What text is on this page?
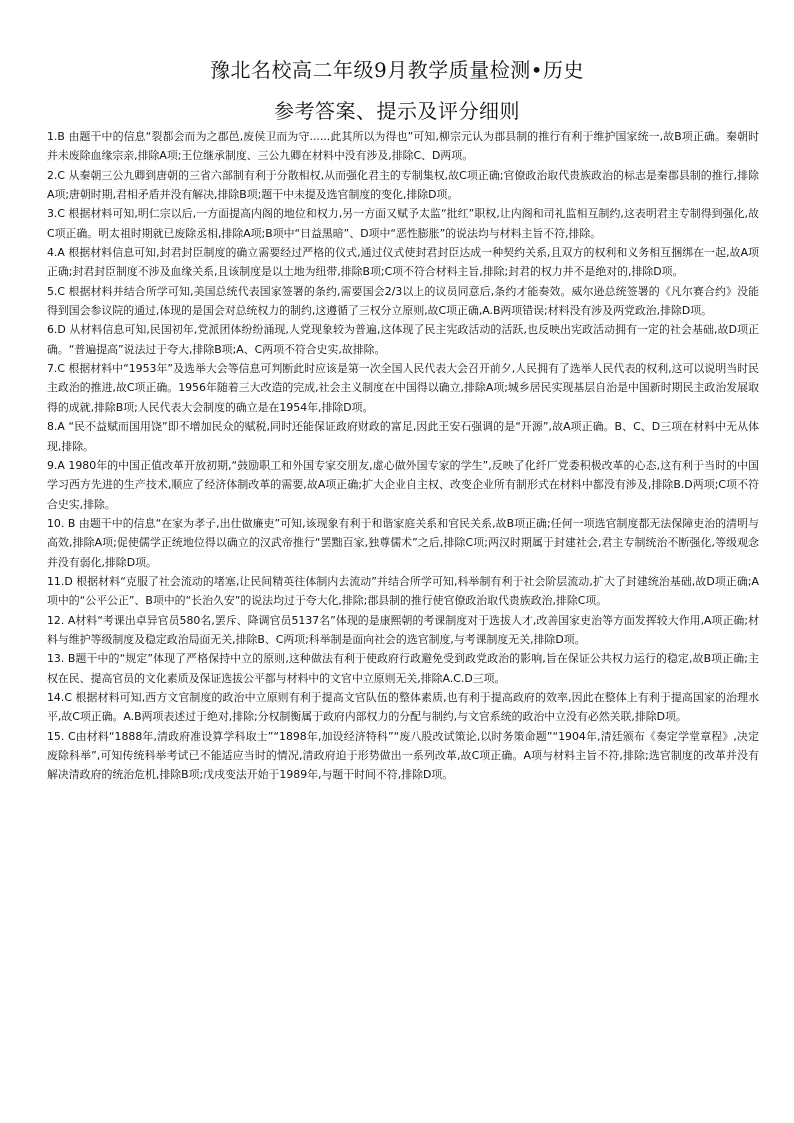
豫北名校高二年级9月教学质量检测•历史
参考答案、提示及评分细则

1.B 由题干中的信息“裂都会而为之郡邑,废侯卫而为守......此其所以为得也”可知,柳宗元认为郡县制的推行有利于维护国家统一,故B项正确。秦朝时并未废除血缘宗亲,排除A项;王位继承制度、三公九卿在材料中没有涉及,排除C、D两项。

2.C 从秦朝三公九卿到唐朝的三省六部制有利于分散相权,从而强化君主的专制集权,故C项正确;官僚政治取代贵族政治的标志是秦郡县制的推行,排除A项;唐朝时期,君相矛盾并没有解决,排除B项;题干中未提及选官制度的变化,排除D项。

3.C 根据材料可知,明仁宗以后,一方面提高内阁的地位和权力,另一方面又赋予太监“批红”职权,让内阁和司礼监相互制约,这表明君主专制得到强化,故C项正确。明太祖时期就已废除丞相,排除A项;B项中“日益黑暗”、D项中“恶性膨胀”的说法均与材料主旨不符,排除。

4.A 根据材料信息可知,封君封臣制度的确立需要经过严格的仪式,通过仪式使封君封臣达成一种契约关系,且双方的权利和义务相互捆绑在一起,故A项正确;封君封臣制度不涉及血缘关系,且该制度是以土地为纽带,排除B项;C项不符合材料主旨,排除;封君的权力并不是绝对的,排除D项。

5.C 根据材料并结合所学可知,美国总统代表国家签署的条约,需要国会2/3以上的议员同意后,条约才能奏效。威尔逊总统签署的《凡尔赛合约》没能得到国会参议院的通过,体现的是国会对总统权力的制约,这遵循了三权分立原则,故C项正确,A.B两项错误;材料没有涉及两党政治,排除D项。

6.D 从材料信息可知,民国初年,党派团体纷纷涌现,人党现象较为普遍,这体现了民主宪政活动的活跃,也反映出宪政活动拥有一定的社会基础,故D项正确。“普遍提高”说法过于夸大,排除B项;A、C两项不符合史实,故排除。

7.C 根据材料中“1953年”及选举大会等信息可判断此时应该是第一次全国人民代表大会召开前夕,人民拥有了选举人民代表的权利,这可以说明当时民主政治的推进,故C项正确。1956年随着三大改造的完成,社会主义制度在中国得以确立,排除A项;城乡居民实现基层自治是中国新时期民主政治发展取得的成就,排除B项;人民代表大会制度的确立是在1954年,排除D项。

8.A “民不益赋而国用饶”即不增加民众的赋税,同时还能保证政府财政的富足,因此王安石强调的是“开源”,故A项正确。B、C、D三项在材料中无从体现,排除。

9.A 1980年的中国正值改革开放初期,“鼓励职工和外国专家交朋友,虚心做外国专家的学生”,反映了化纤厂党委积极改革的心态,这有利于当时的中国学习西方先进的生产技术,顺应了经济体制改革的需要,故A项正确;扩大企业自主权、改变企业所有制形式在材料中都没有涉及,排除B.D两项;C项不符合史实,排除。

10. B 由题干中的信息“在家为孝子,出仕做廉吏”可知,该现象有利于和谐家庭关系和官民关系,故B项正确;任何一项选官制度都无法保障吏治的清明与高效,排除A项;促使儒学正统地位得以确立的汉武帝推行“罢黜百家,独尊儒术”之后,排除C项;两汉时期属于封建社会,君主专制统治不断强化,等级观念并没有弱化,排除D项。

11.D 根据材料“克服了社会流动的堵塞,让民间精英往体制内去流动”并结合所学可知,科举制有利于社会阶层流动,扩大了封建统治基础,故D项正确;A项中的“公平公正”、B项中的“长治久安”的说法均过于夸大化,排除;郡县制的推行使官僚政治取代贵族政治,排除C项。

12. A材料“考课出卓异官员580名,罢斥、降调官员5137名”体现的是康熙朝的考课制度对于选拔人才,改善国家吏治等方面发挥较大作用,A项正确;材料与维护等级制度及稳定政治局面无关,排除B、C两项;科举制是面向社会的选官制度,与考课制度无关,排除D项。

13. B题干中的“规定”体现了严格保持中立的原则,这种做法有利于使政府行政避免受到政党政治的影响,旨在保证公共权力运行的稳定,故B项正确;主权在民、提高官员的文化素质及保证选拔公平都与材料中的文官中立原则无关,排除A.C.D三项。

14.C 根据材料可知,西方文官制度的政治中立原则有利于提高文官队伍的整体素质,也有利于提高政府的效率,因此在整体上有利于提高国家的治理水平,故C项正确。A.B两项表述过于绝对,排除;分权制衡属于政府内部权力的分配与制约,与文官系统的政治中立没有必然关联,排除D项。

15. C由材料“1888年,清政府准设算学科取士”“1898年,加设经济特科”“废八股改试策论,以时务策命题”“1904年,清廷颁布《奏定学堂章程》,决定废除科举”,可知传统科举考试已不能适应当时的情况,清政府迫于形势做出一系列改革,故C项正确。A项与材料主旨不符,排除;选官制度的改革并没有解决清政府的统治危机,排除B项;戊戌变法开始于1989年,与题干时间不符,排除D项。
